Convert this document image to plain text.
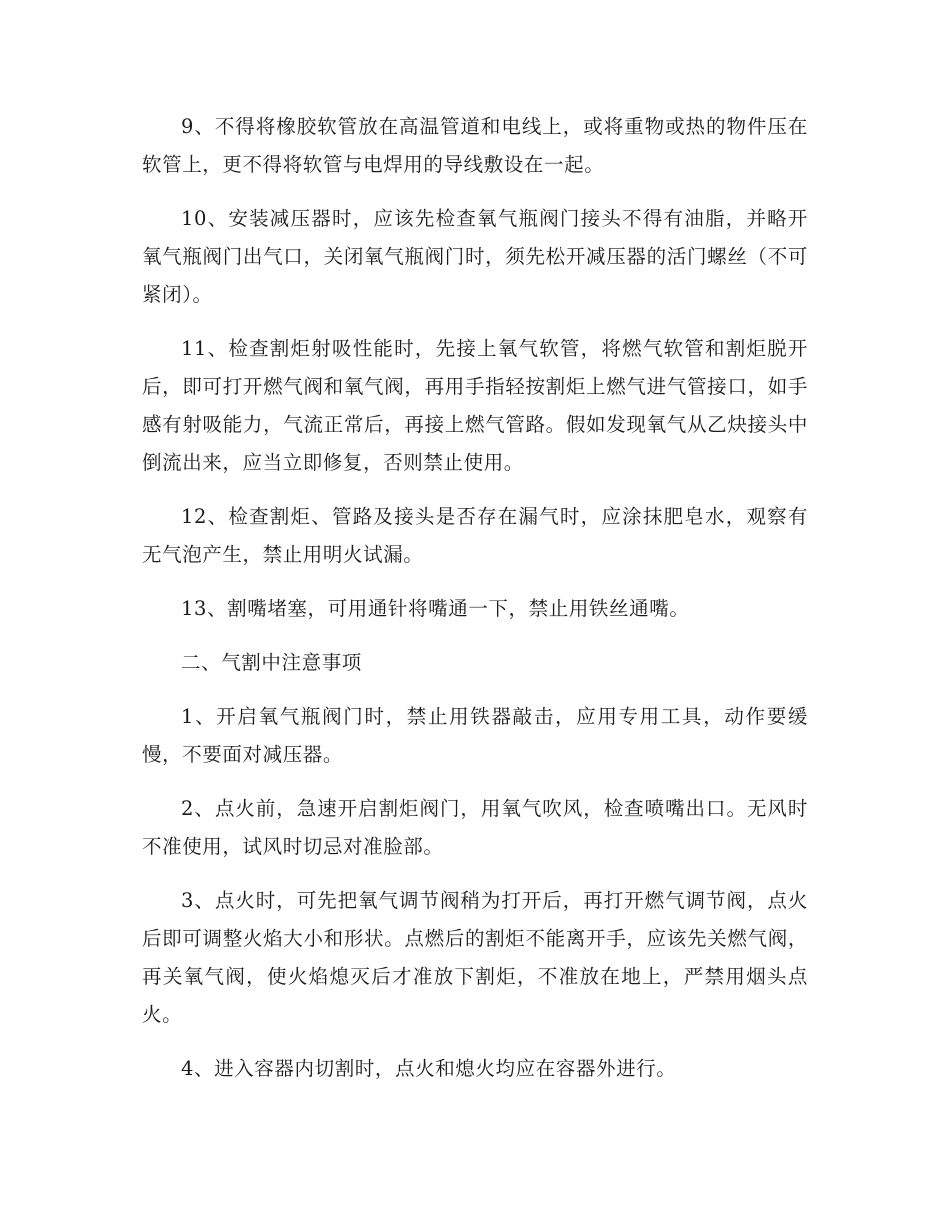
9、不得将橡胶软管放在高温管道和电线上，或将重物或热的物件压在软管上，更不得将软管与电焊用的导线敷设在一起。

10、安装减压器时，应该先检查氧气瓶阀门接头不得有油脂，并略开氧气瓶阀门出气口，关闭氧气瓶阀门时，须先松开减压器的活门螺丝（不可紧闭）。

11、检查割炬射吸性能时，先接上氧气软管，将燃气软管和割炬脱开后，即可打开燃气阀和氧气阀，再用手指轻按割炬上燃气进气管接口，如手感有射吸能力，气流正常后，再接上燃气管路。假如发现氧气从乙炔接头中倒流出来，应当立即修复，否则禁止使用。

12、检查割炬、管路及接头是否存在漏气时，应涂抹肥皂水，观察有无气泡产生，禁止用明火试漏。

13、割嘴堵塞，可用通针将嘴通一下，禁止用铁丝通嘴。

二、气割中注意事项

1、开启氧气瓶阀门时，禁止用铁器敲击，应用专用工具，动作要缓慢，不要面对减压器。

2、点火前，急速开启割炬阀门，用氧气吹风，检查喷嘴出口。无风时不准使用，试风时切忌对准脸部。

3、点火时，可先把氧气调节阀稍为打开后，再打开燃气调节阀，点火后即可调整火焰大小和形状。点燃后的割炬不能离开手，应该先关燃气阀，再关氧气阀，使火焰熄灭后才准放下割炬，不准放在地上，严禁用烟头点火。

4、进入容器内切割时，点火和熄火均应在容器外进行。
